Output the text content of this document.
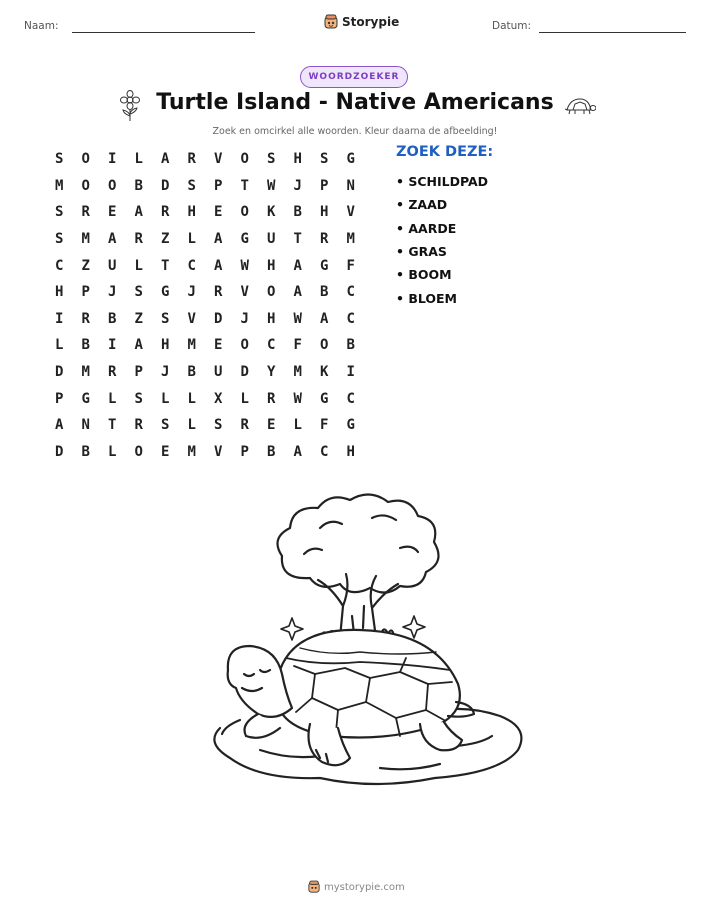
Naam:	Storypie	Datum:
WOORDZOEKER
Turtle Island - Native Americans
Zoek en omcirkel alle woorden. Kleur daarna de afbeelding!
S	O	I	L	A	R	V	O	S	H	S	G
M	O	O	B	D	S	P	T	W	J	P	N
S	R	E	A	R	H	E	O	K	B	H	V
S	M	A	R	Z	L	A	G	U	T	R	M
C	Z	U	L	T	C	A	W	H	A	G	F
H	P	J	S	G	J	R	V	O	A	B	C
I	R	B	Z	S	V	D	J	H	W	A	C
L	B	I	A	H	M	E	O	C	F	O	B
D	M	R	P	J	B	U	D	Y	M	K	I
P	G	L	S	L	L	X	L	R	W	G	C
A	N	T	R	S	L	S	R	E	L	F	G
D	B	L	O	E	M	V	P	B	A	C	H
ZOEK DEZE:
• SCHILDPAD
• ZAAD
• AARDE
• GRAS
• BOOM
• BLOEM
mystorypie.com
